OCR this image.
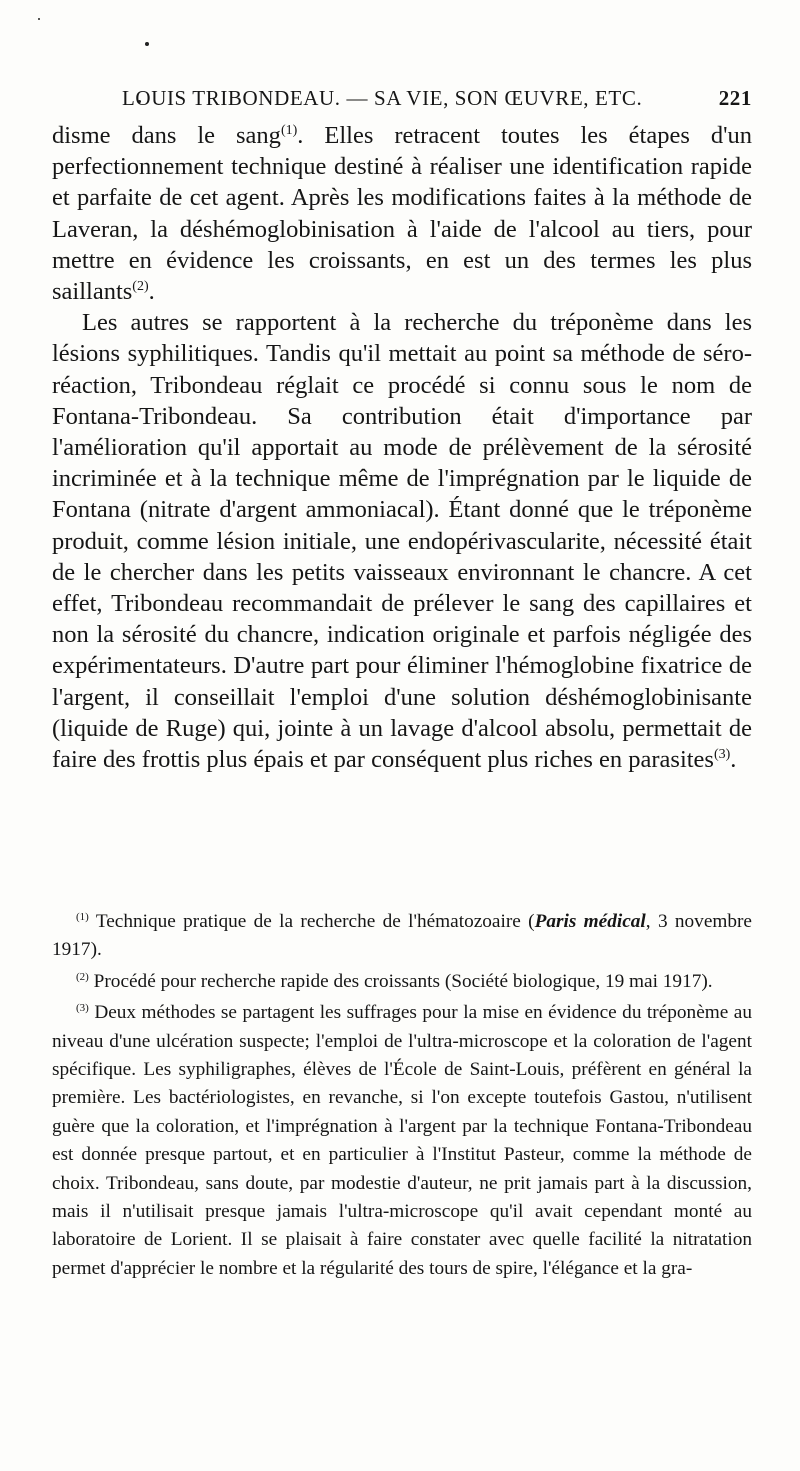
LOUIS TRIBONDEAU. — SA VIE, SON ŒUVRE, ETC.	221

disme dans le sang$^{(1)}$. Elles retracent toutes les étapes d'un perfectionnement technique destiné à réaliser une identification rapide et parfaite de cet agent. Après les modifications faites à la méthode de Laveran, la déshémoglobinisation à l'aide de l'alcool au tiers, pour mettre en évidence les croissants, en est un des termes les plus saillants$^{(2)}$.

Les autres se rapportent à la recherche du tréponème dans les lésions syphilitiques. Tandis qu'il mettait au point sa méthode de séro-réaction, Tribondeau réglait ce procédé si connu sous le nom de Fontana-Tribondeau. Sa contribution était d'importance par l'amélioration qu'il apportait au mode de prélèvement de la sérosité incriminée et à la technique même de l'imprégnation par le liquide de Fontana (nitrate d'argent ammoniacal). Étant donné que le tréponème produit, comme lésion initiale, une endopérivascularite, nécessité était de le chercher dans les petits vaisseaux environnant le chancre. A cet effet, Tribondeau recommandait de prélever le sang des capillaires et non la sérosité du chancre, indication originale et parfois négligée des expérimentateurs. D'autre part pour éliminer l'hémoglobine fixatrice de l'argent, il conseillait l'emploi d'une solution déshémoglobinisante (liquide de Ruge) qui, jointe à un lavage d'alcool absolu, permettait de faire des frottis plus épais et par conséquent plus riches en parasites$^{(3)}$.

$^{(1)}$ Technique pratique de la recherche de l'hématozoaire (Paris médical, 3 novembre 1917).

$^{(2)}$ Procédé pour recherche rapide des croissants (Société biologique, 19 mai 1917).

$^{(3)}$ Deux méthodes se partagent les suffrages pour la mise en évidence du tréponème au niveau d'une ulcération suspecte; l'emploi de l'ultra-microscope et la coloration de l'agent spécifique. Les syphiligraphes, élèves de l'École de Saint-Louis, préfèrent en général la première. Les bactériologistes, en revanche, si l'on excepte toutefois Gastou, n'utilisent guère que la coloration, et l'imprégnation à l'argent par la technique Fontana-Tribondeau est donnée presque partout, et en particulier à l'Institut Pasteur, comme la méthode de choix. Tribondeau, sans doute, par modestie d'auteur, ne prit jamais part à la discussion, mais il n'utilisait presque jamais l'ultra-microscope qu'il avait cependant monté au laboratoire de Lorient. Il se plaisait à faire constater avec quelle facilité la nitratation permet d'apprécier le nombre et la régularité des tours de spire, l'élégance et la gra-
